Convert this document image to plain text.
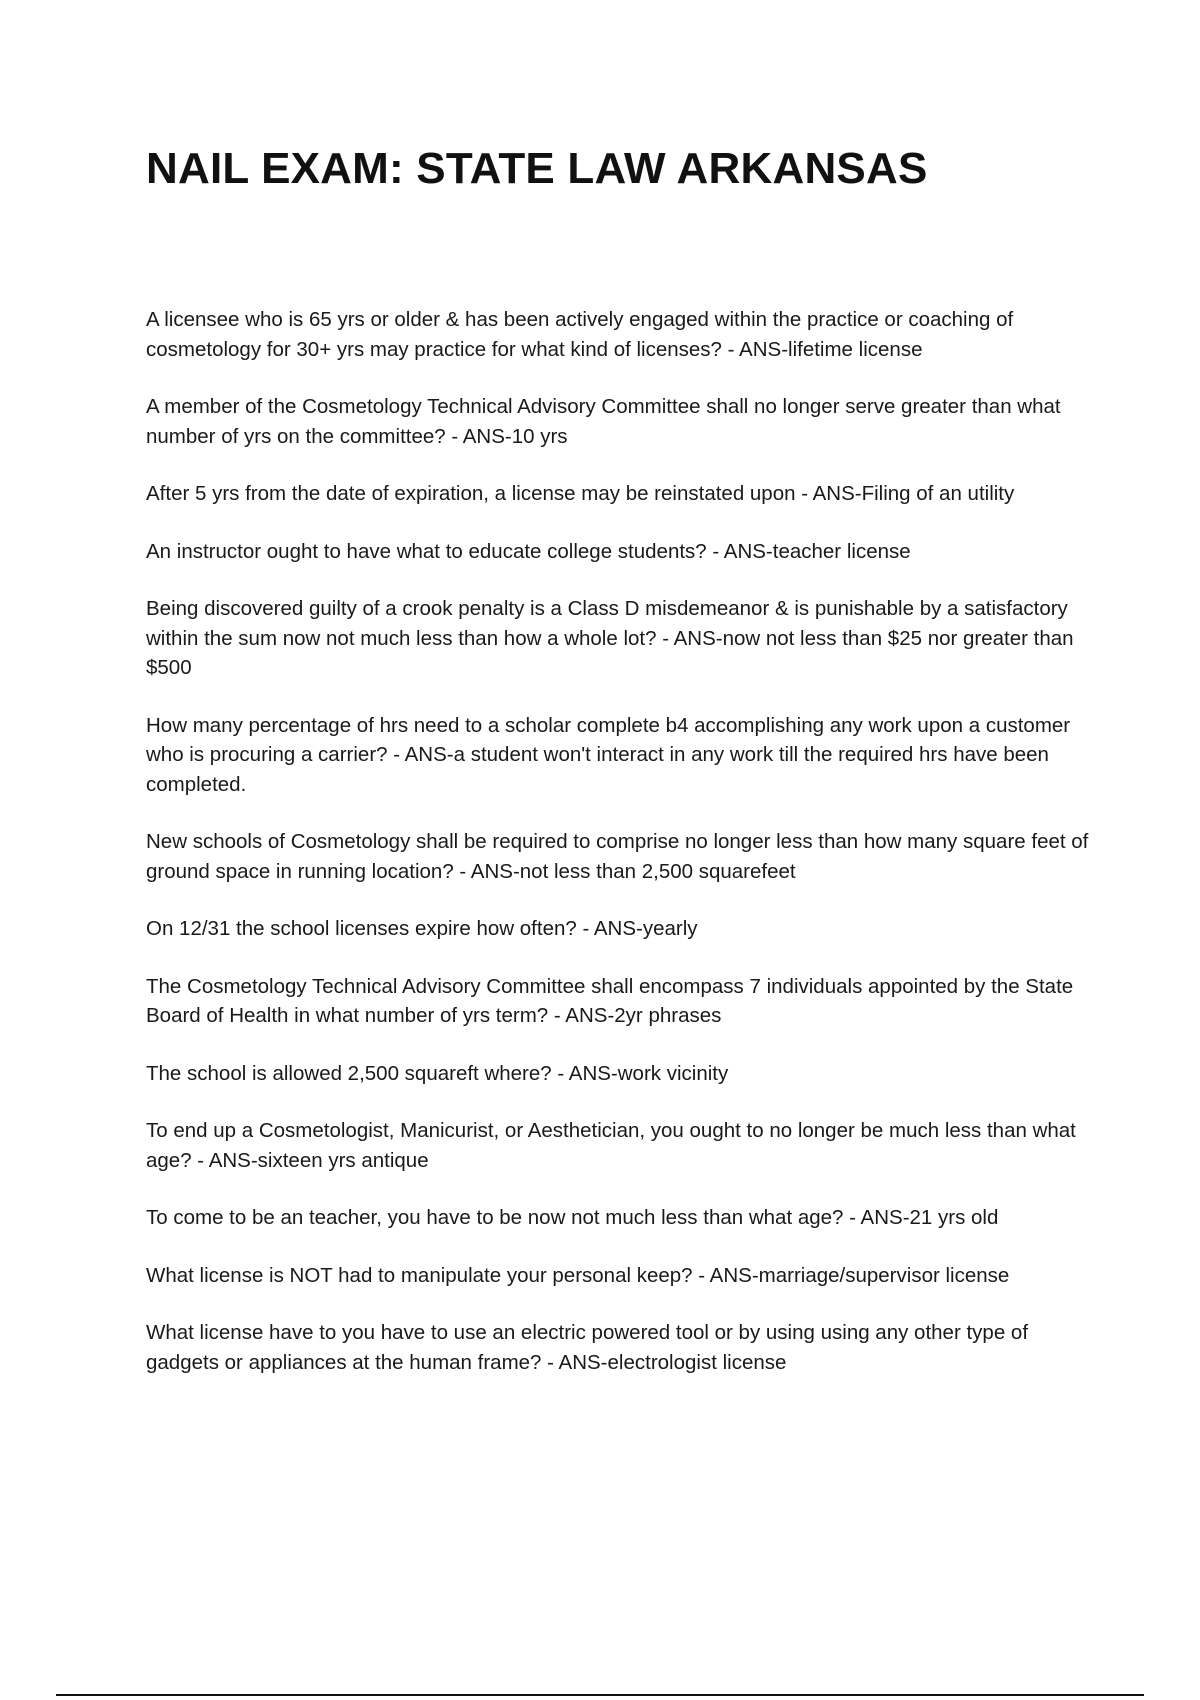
NAIL EXAM: STATE LAW ARKANSAS

A licensee who is 65 yrs or older & has been actively engaged within the practice or coaching of cosmetology for 30+ yrs may practice for what kind of licenses? - ANS-lifetime license

A member of the Cosmetology Technical Advisory Committee shall no longer serve greater than what number of yrs on the committee? - ANS-10 yrs

After 5 yrs from the date of expiration, a license may be reinstated upon - ANS-Filing of an utility

An instructor ought to have what to educate college students? - ANS-teacher license

Being discovered guilty of a crook penalty is a Class D misdemeanor & is punishable by a satisfactory within the sum now not much less than how a whole lot? - ANS-now not less than $25 nor greater than $500

How many percentage of hrs need to a scholar complete b4 accomplishing any work upon a customer who is procuring a carrier? - ANS-a student won't interact in any work till the required hrs have been completed.

New schools of Cosmetology shall be required to comprise no longer less than how many square feet of ground space in running location? - ANS-not less than 2,500 squarefeet

On 12/31 the school licenses expire how often? - ANS-yearly

The Cosmetology Technical Advisory Committee shall encompass 7 individuals appointed by the State Board of Health in what number of yrs term? - ANS-2yr phrases

The school is allowed 2,500 squareft where? - ANS-work vicinity

To end up a Cosmetologist, Manicurist, or Aesthetician, you ought to no longer be much less than what age? - ANS-sixteen yrs antique

To come to be an teacher, you have to be now not much less than what age? - ANS-21 yrs old

What license is NOT had to manipulate your personal keep? - ANS-marriage/supervisor license

What license have to you have to use an electric powered tool or by using using any other type of gadgets or appliances at the human frame? - ANS-electrologist license
